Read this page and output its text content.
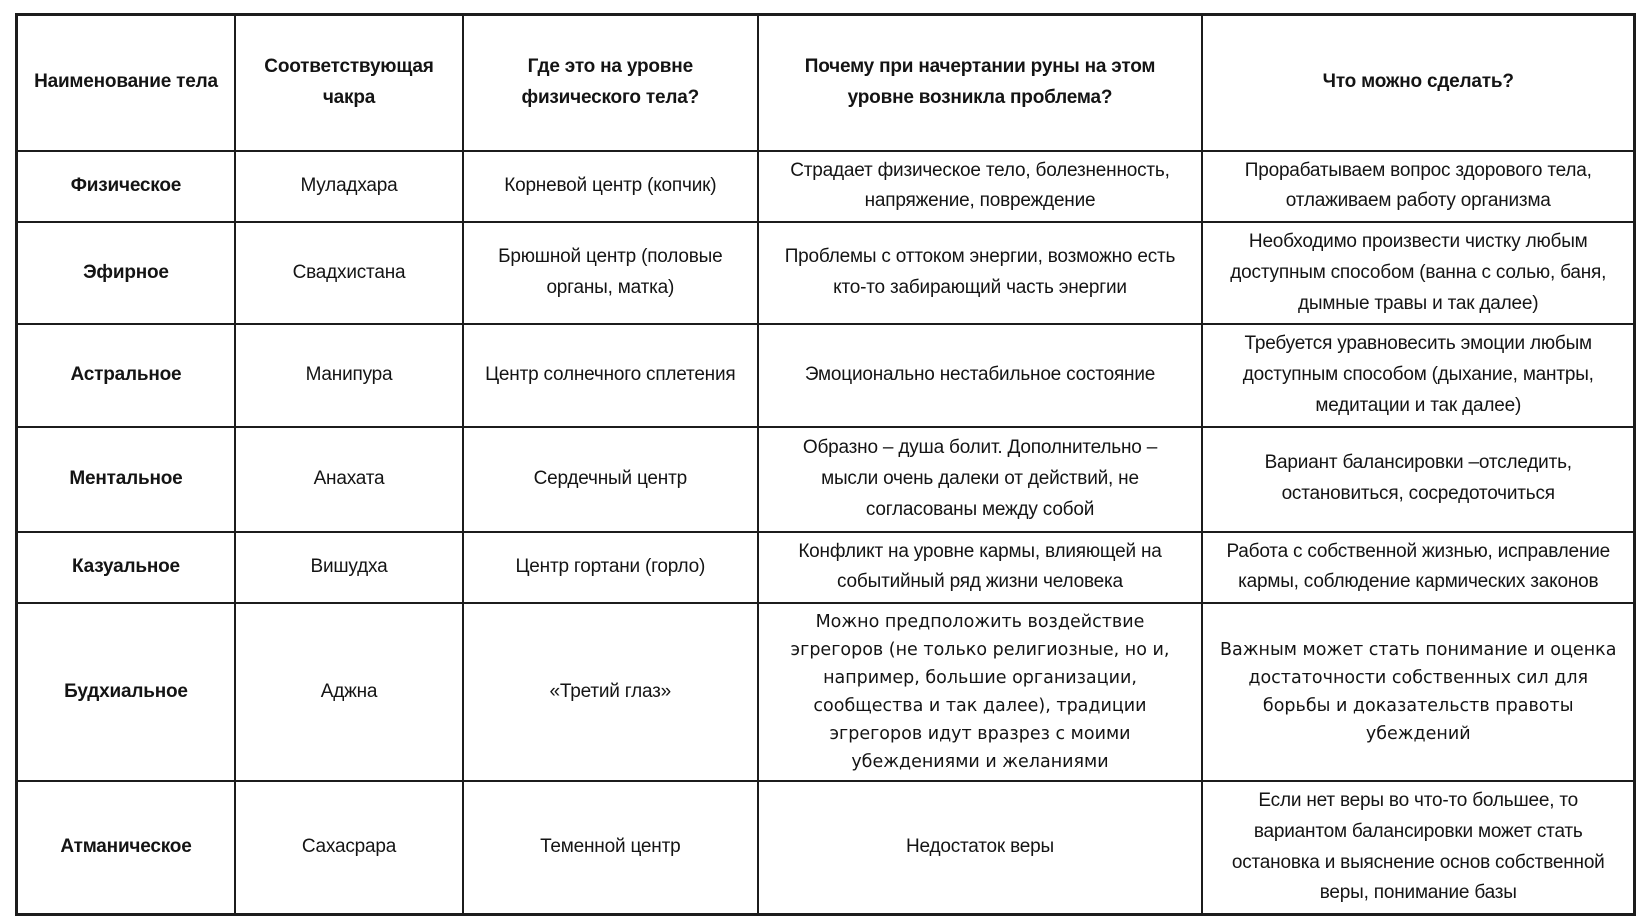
Наименование тела	Соответствующая чакра	Где это на уровне физического тела?	Почему при начертании руны на этом уровне возникла проблема?	Что можно сделать?
Физическое	Муладхара	Корневой центр (копчик)	Страдает физическое тело, болезненность, напряжение, повреждение	Прорабатываем вопрос здорового тела, отлаживаем работу организма
Эфирное	Свадхистана	Брюшной центр (половые органы, матка)	Проблемы с оттоком энергии, возможно есть кто-то забирающий часть энергии	Необходимо произвести чистку любым доступным способом (ванна с солью, баня, дымные травы и так далее)
Астральное	Манипура	Центр солнечного сплетения	Эмоционально нестабильное состояние	Требуется уравновесить эмоции любым доступным способом (дыхание, мантры, медитации и так далее)
Ментальное	Анахата	Сердечный центр	Образно – душа болит. Дополнительно – мысли очень далеки от действий, не согласованы между собой	Вариант балансировки –отследить, остановиться, сосредоточиться
Казуальное	Вишудха	Центр гортани (горло)	Конфликт на уровне кармы, влияющей на событийный ряд жизни человека	Работа с собственной жизнью, исправление кармы, соблюдение кармических законов
Будхиальное	Аджна	«Третий глаз»	Можно предположить воздействие эгрегоров (не только религиозные, но и, например, большие организации, сообщества и так далее), традиции эгрегоров идут вразрез с моими убеждениями и желаниями	Важным может стать понимание и оценка достаточности собственных сил для борьбы и доказательств правоты убеждений
Атманическое	Сахасрара	Теменной центр	Недостаток веры	Если нет веры во что-то большее, то вариантом балансировки может стать остановка и выяснение основ собственной веры, понимание базы
